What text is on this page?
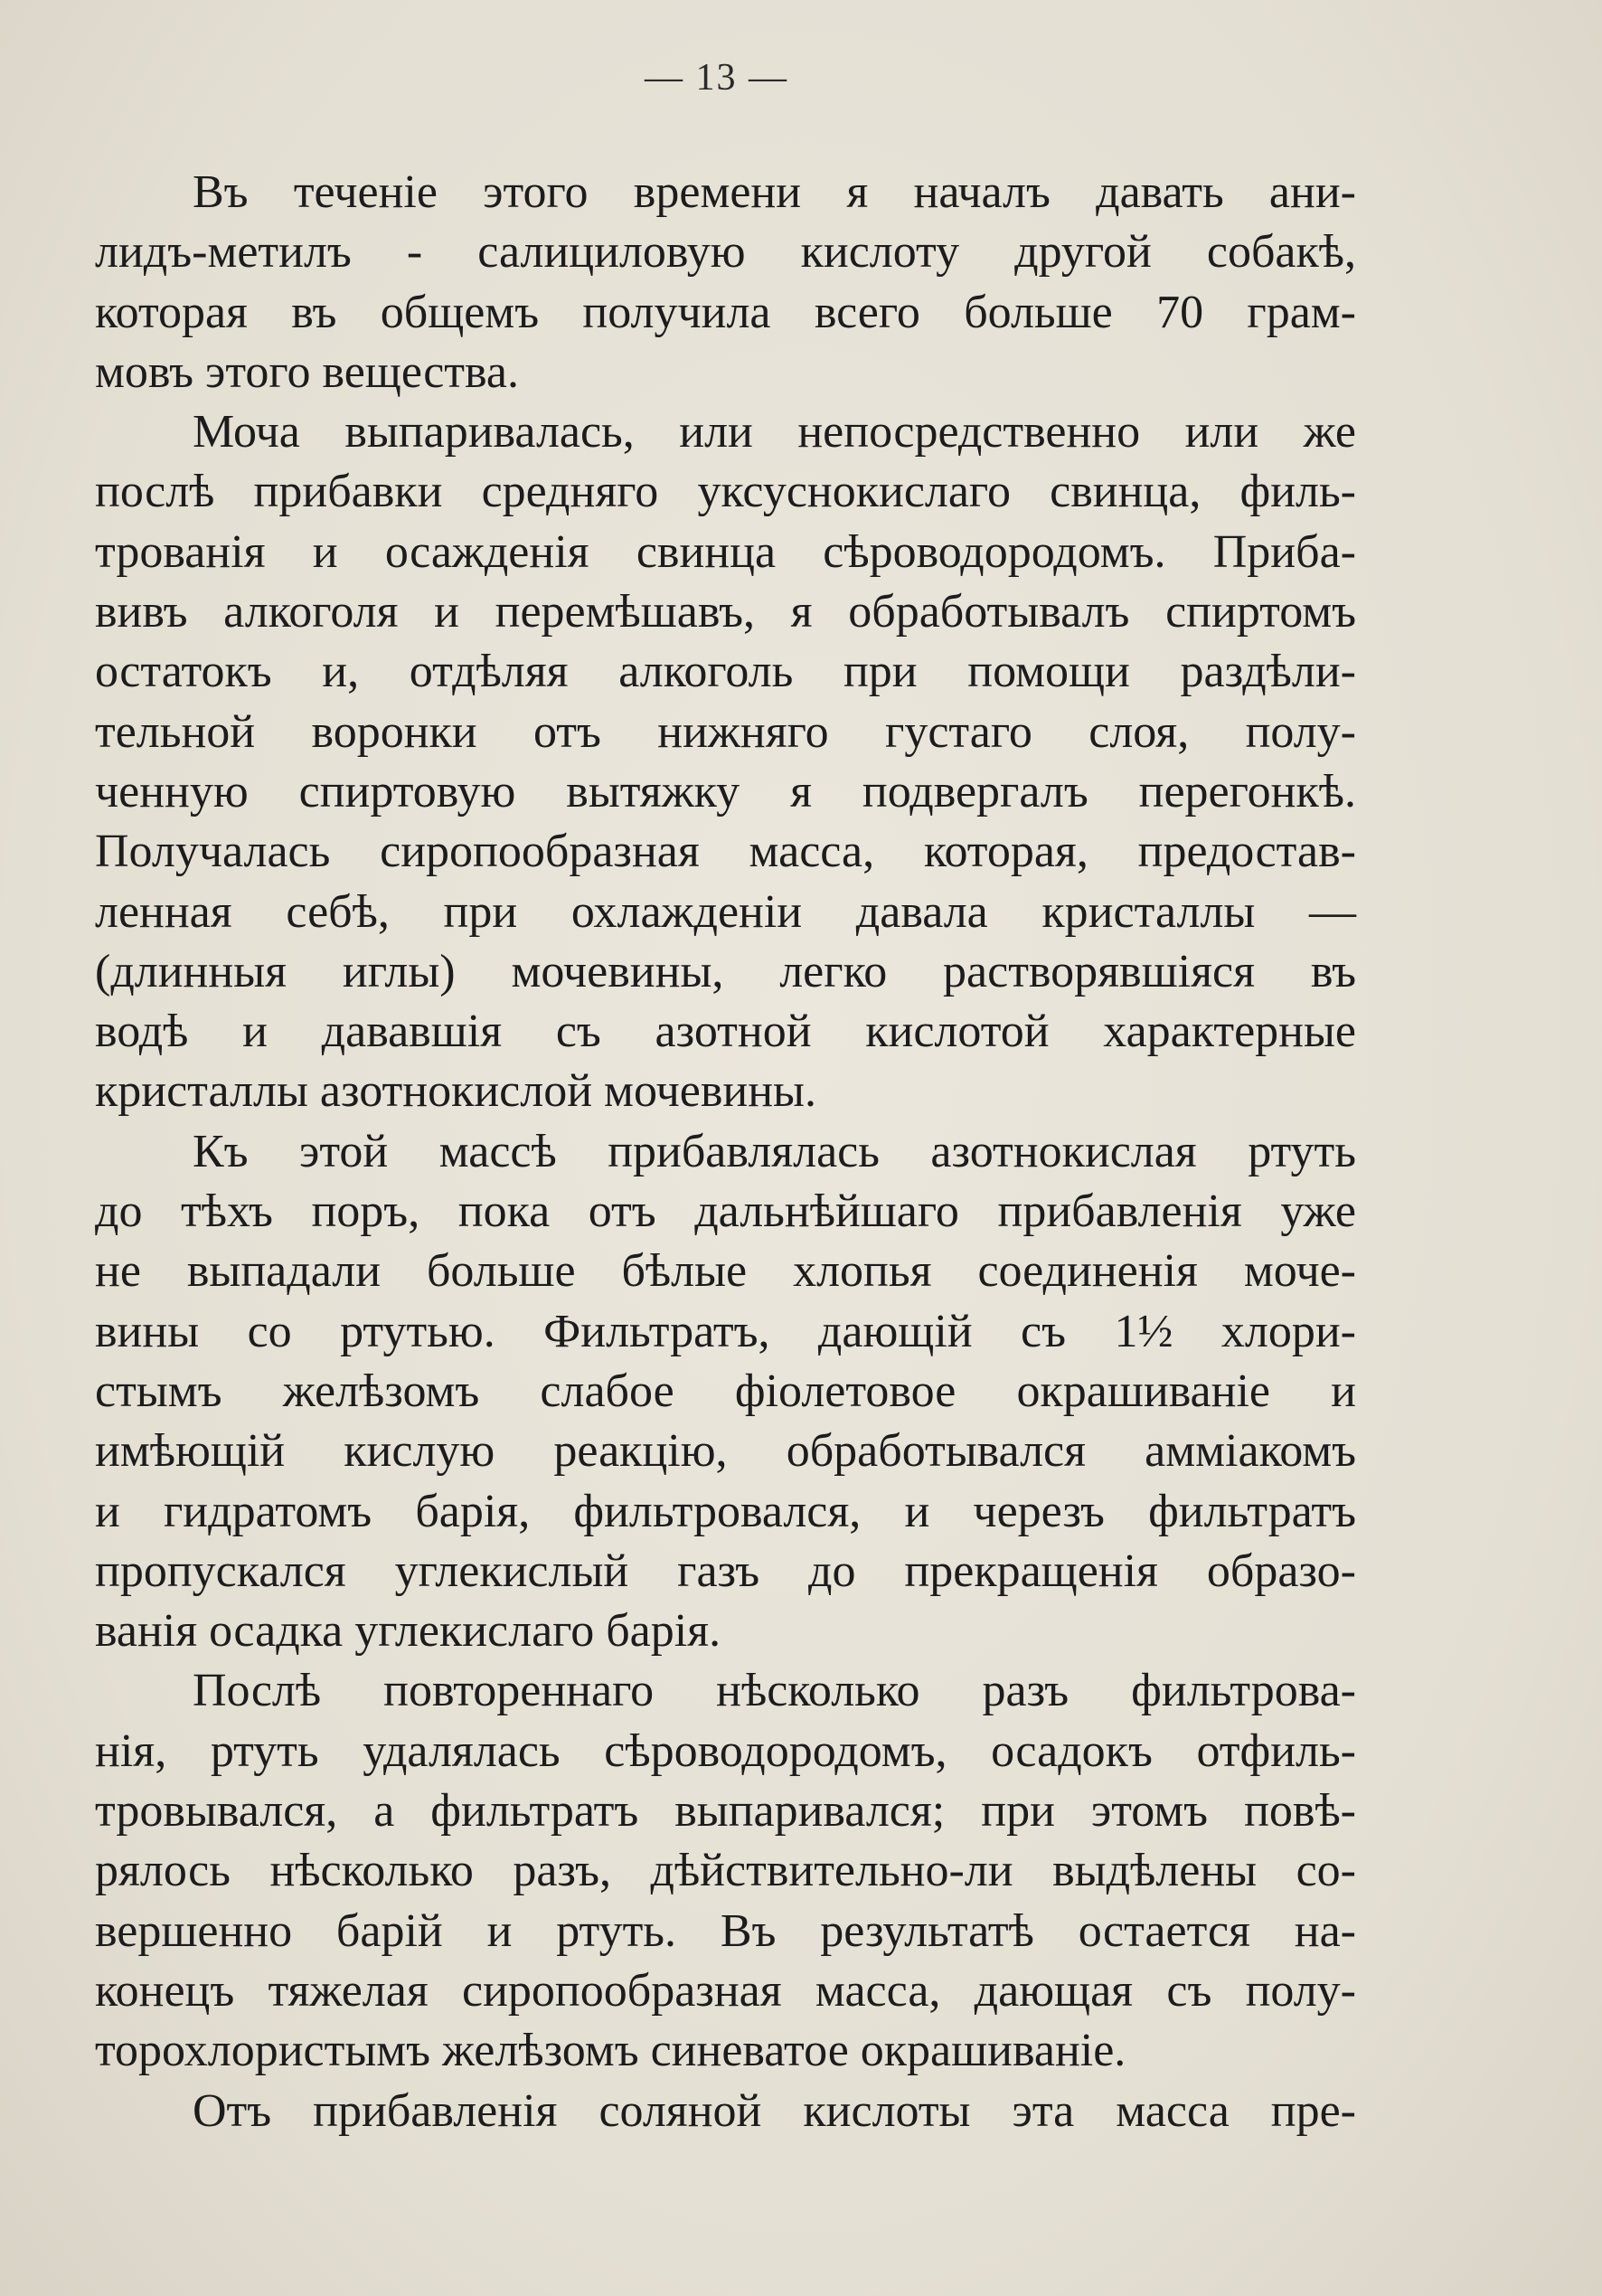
— 13 —

Въ теченіе этого времени я началъ давать ани-
лидъ-метилъ - салициловую кислоту другой собакѣ,
которая въ общемъ получила всего больше 70 грам-
мовъ этого вещества.

Моча выпаривалась, или непосредственно или же
послѣ прибавки средняго уксуснокислаго свинца, филь-
трованія и осажденія свинца сѣроводородомъ. Приба-
вивъ алкоголя и перемѣшавъ, я обработывалъ спиртомъ
остатокъ и, отдѣляя алкоголь при помощи раздѣли-
тельной воронки отъ нижняго густаго слоя, полу-
ченную спиртовую вытяжку я подвергалъ перегонкѣ.
Получалась сиропообразная масса, которая, предостав-
ленная себѣ, при охлажденіи давала кристаллы —
(длинныя иглы) мочевины, легко растворявшіяся въ
водѣ и дававшія съ азотной кислотой характерные
кристаллы азотнокислой мочевины.

Къ этой массѣ прибавлялась азотнокислая ртуть
до тѣхъ поръ, пока отъ дальнѣйшаго прибавленія уже
не выпадали больше бѣлые хлопья соединенія моче-
вины со ртутью. Фильтратъ, дающій съ 1½ хлори-
стымъ желѣзомъ слабое фіолетовое окрашиваніе и
имѣющій кислую реакцію, обработывался аммiакомъ
и гидратомъ барія, фильтровался, и черезъ фильтратъ
пропускался углекислый газъ до прекращенія образо-
ванія осадка углекислаго барія.

Послѣ повтореннаго нѣсколько разъ фильтрова-
нія, ртуть удалялась сѣроводородомъ, осадокъ отфиль-
тровывался, а фильтратъ выпаривался; при этомъ повѣ-
рялось нѣсколько разъ, дѣйствительно-ли выдѣлены со-
вершенно барій и ртуть. Въ результатѣ остается на-
конецъ тяжелая сиропообразная масса, дающая съ полу-
торохлористымъ желѣзомъ синеватое окрашиваніе.

Отъ прибавленія соляной кислоты эта масса пре-
